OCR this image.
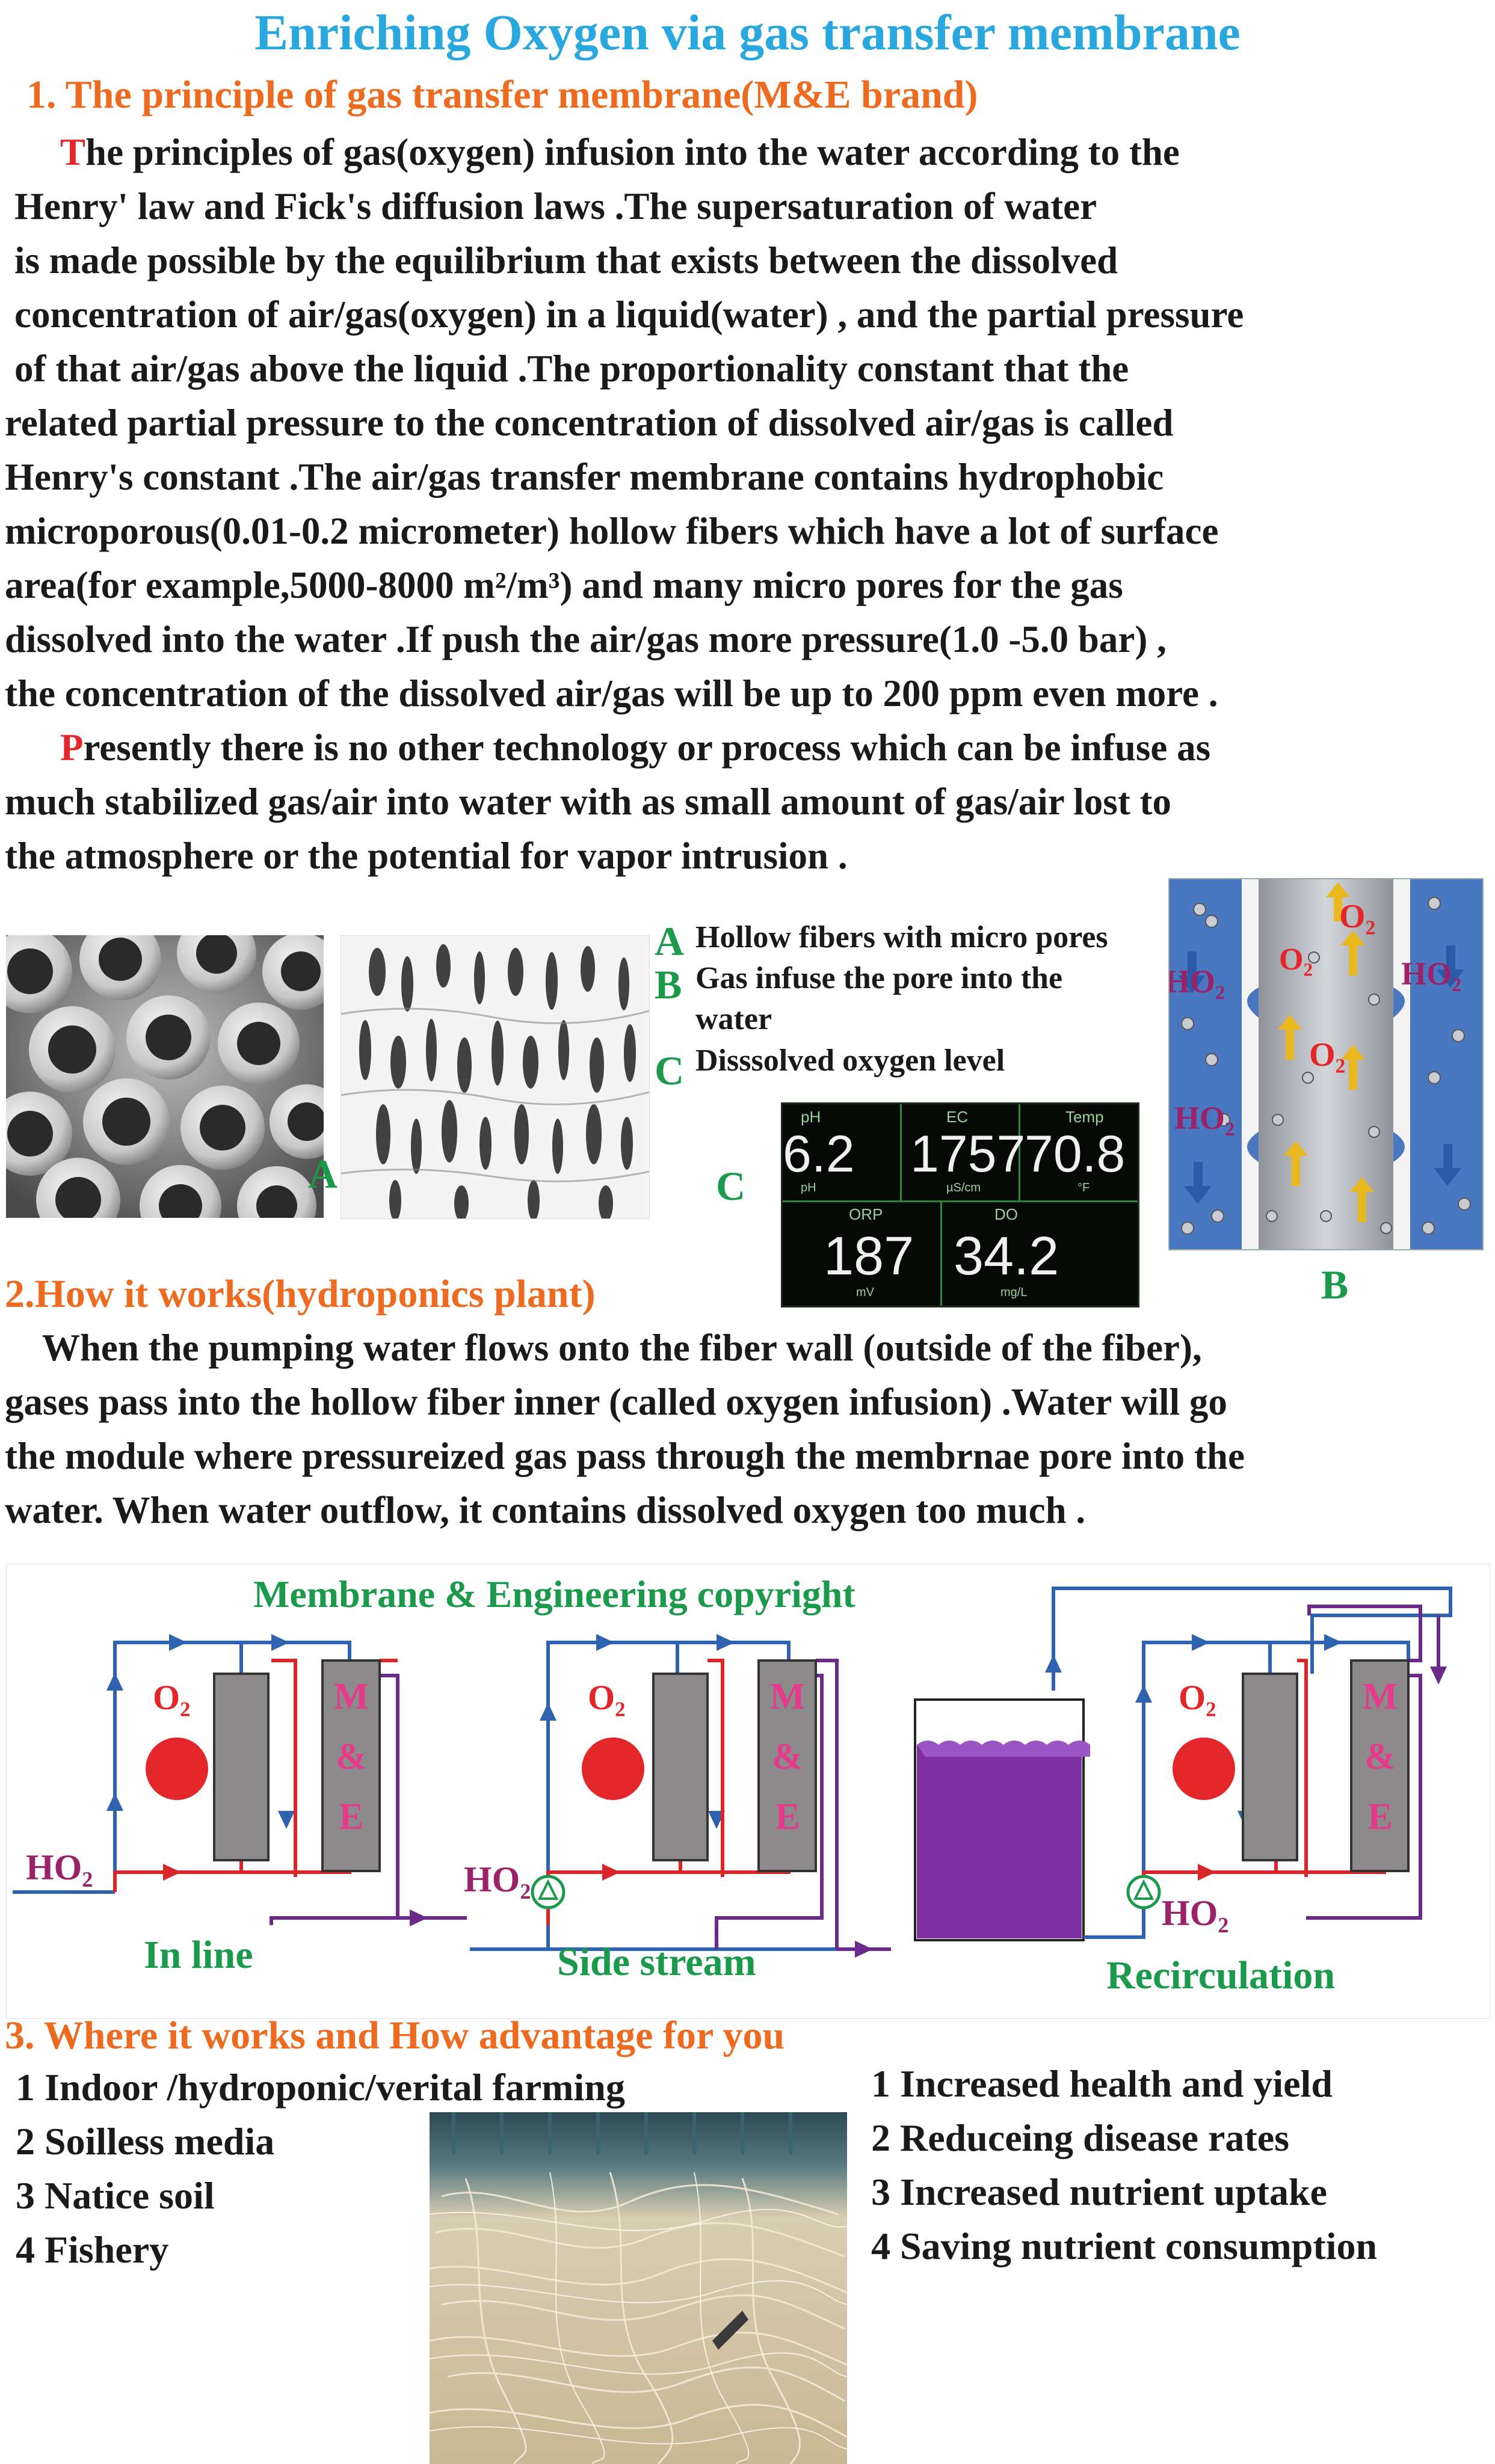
Enriching Oxygen via gas transfer membrane
1. The principle of gas transfer membrane(M&E brand)
The principles of gas(oxygen) infusion into the water according to the
Henry' law and Fick's diffusion laws .The supersaturation of water
is made possible by the equilibrium that exists between the dissolved
concentration of air/gas(oxygen) in a liquid(water) , and the partial pressure
of that air/gas above the liquid .The proportionality constant that the
related partial pressure to the concentration of dissolved air/gas is called
Henry's constant .The air/gas transfer membrane contains hydrophobic
microporous(0.01-0.2 micrometer) hollow fibers which have a lot of surface
area(for example,5000-8000 m²/m³) and many micro pores for the gas
dissolved into the water .If push the air/gas more pressure(1.0 -5.0 bar) ,
the concentration of the dissolved air/gas will be up to 200 ppm even more .
Presently there is no other technology or process which can be infuse as
much stabilized gas/air into water with as small amount of gas/air lost to
the atmosphere or the potential for vapor intrusion .
A
A Hollow fibers with micro pores
B Gas infuse the pore into the
water
C Disssolved oxygen level
C
pH
6.2
pH
EC
1757
µS/cm
Temp
70.8
°F
ORP
187
mV
DO
34.2
mg/L
O₂
O₂
O₂
HO₂	HO₂
HO₂
B
2.How it works(hydroponics plant)
When the pumping water flows onto the fiber wall (outside of the fiber),
gases pass into the hollow fiber inner (called oxygen infusion) .Water will go
the module where pressureized gas pass through the membrnae pore into the
water. When water outflow, it contains dissolved oxygen too much .
Membrane & Engineering copyright
O₂	O₂	O₂
HO₂	HO₂
HO₂
M
&
E
M
&
E
M
&
E
In line	Side stream	Recirculation
3. Where it works and How advantage for you
1 Indoor /hydroponic/verital farming
2 Soilless media
3 Natice soil
4 Fishery
1 Increased health and yield
2 Reduceing disease rates
3 Increased nutrient uptake
4 Saving nutrient consumption
